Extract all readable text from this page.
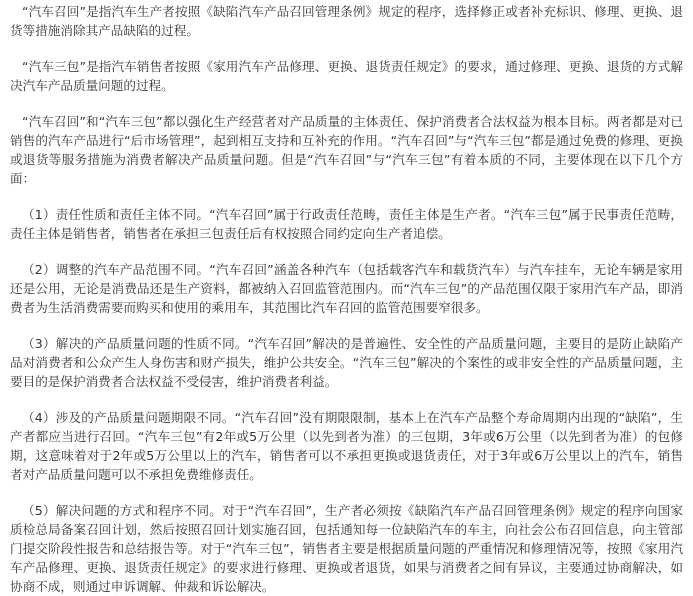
“汽车召回”是指汽车生产者按照《缺陷汽车产品召回管理条例》规定的程序，选择修正或者补充标识、修理、更换、退货等措施消除其产品缺陷的过程。

“汽车三包”是指汽车销售者按照《家用汽车产品修理、更换、退货责任规定》的要求，通过修理、更换、退货的方式解决汽车产品质量问题的过程。

“汽车召回”和“汽车三包”都以强化生产经营者对产品质量的主体责任、保护消费者合法权益为根本目标。两者都是对已销售的汽车产品进行“后市场管理”，起到相互支持和互补充的作用。“汽车召回”与“汽车三包”都是通过免费的修理、更换或退货等服务措施为消费者解决产品质量问题。但是“汽车召回”与“汽车三包”有着本质的不同，主要体现在以下几个方面：

（1）责任性质和责任主体不同。“汽车召回”属于行政责任范畴，责任主体是生产者。“汽车三包”属于民事责任范畴，责任主体是销售者，销售者在承担三包责任后有权按照合同约定向生产者追偿。

（2）调整的汽车产品范围不同。“汽车召回”涵盖各种汽车（包括载客汽车和载货汽车）与汽车挂车，无论车辆是家用还是公用，无论是消费品还是生产资料，都被纳入召回监管范围内。而“汽车三包”的产品范围仅限于家用汽车产品，即消费者为生活消费需要而购买和使用的乘用车，其范围比汽车召回的监管范围要窄很多。

（3）解决的产品质量问题的性质不同。“汽车召回”解决的是普遍性、安全性的产品质量问题，主要目的是防止缺陷产品对消费者和公众产生人身伤害和财产损失，维护公共安全。“汽车三包”解决的个案性的或非安全性的产品质量问题，主要目的是保护消费者合法权益不受侵害，维护消费者利益。

（4）涉及的产品质量问题期限不同。“汽车召回”没有期限限制，基本上在汽车产品整个寿命周期内出现的“缺陷”，生产者都应当进行召回。“汽车三包”有2年或5万公里（以先到者为准）的三包期，3年或6万公里（以先到者为准）的包修期，这意味着对于2年或5万公里以上的汽车，销售者可以不承担更换或退货责任，对于3年或6万公里以上的汽车，销售者对产品质量问题可以不承担免费维修责任。

（5）解决问题的方式和程序不同。对于“汽车召回”，生产者必须按《缺陷汽车产品召回管理条例》规定的程序向国家质检总局备案召回计划，然后按照召回计划实施召回，包括通知每一位缺陷汽车的车主，向社会公布召回信息，向主管部门提交阶段性报告和总结报告等。对于“汽车三包”，销售者主要是根据质量问题的严重情况和修理情况等，按照《家用汽车产品修理、更换、退货责任规定》的要求进行修理、更换或者退货，如果与消费者之间有异议，主要通过协商解决，如协商不成，则通过申诉调解、仲裁和诉讼解决。
